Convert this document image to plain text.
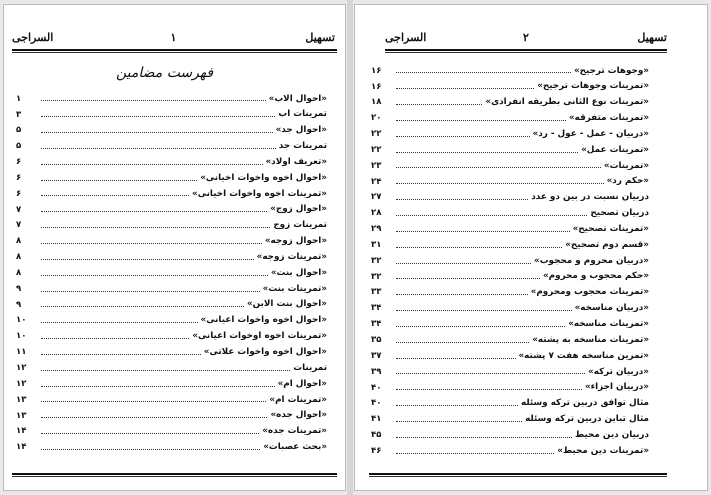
تسهیل
۱
السراجی
فهرست مضامین
۱	«احوال الاب»
۳	تمرینات اب
۵	«احوال جد»
۵	تمرینات جد
۶	«تعریف اولاد»
۶	«احوال اخوه واخوات اخیانی»
۶	«تمرینات اخوه واخوات اخیانی»
۷	«احوال زوج»
۷	تمرینات زوج
۸	«احوال زوجه»
۸	«تمرینات زوجه»
۸	«احوال بنت»
۹	«تمرینات بنت»
۹	«احوال بنت الابن»
۱۰	«احوال اخوه واخوات اعیانی»
۱۰	«تمرینات اخوه اوخوات اعیانی»
۱۱	«احوال اخوه واخوات علاتی»
۱۲	تمرینات
۱۲	«احوال ام»
۱۳	«تمرینات ام»
۱۳	«احوال جده»
۱۴	«تمرینات جده»
۱۴	«بحث عصبات»
تسهیل
۲
السراجی
۱۶	«وجوهات ترجیح»
۱۶	«تمرینات وجوهات ترجیح»
۱۸	«تمرینات نوع الثانی بطریقه انفرادی»
۲۰	«تمرینات متفرقه»
۲۲	«دربیان - عمل - عول - رد»
۲۲	«تمرینات عمل»
۲۳	«تمرینات»
۲۴	«حکم رد»
۲۷	دربیان نسبت در بین دو عدد
۲۸	دربیان تصحیح
۲۹	«تمرینات تصحیح»
۳۱	«قسم دوم تصحیح»
۳۲	«دربیان محروم و محجوب»
۳۲	«حکم محجوب و محروم»
۳۳	«تمرینات محجوب ومحروم»
۳۴	«دربیان مناسخه»
۳۴	«تمرینات مناسخه»
۳۵	«تمرینات مناسخه به پشته»
۳۷	«تمرین مناسخه هفت ۷ پشته»
۳۹	«دربیان ترکه»
۴۰	«دربیان اجزاء»
۴۰	مثال توافق دربین ترکه وسئله
۴۱	مثال تباین دربین ترکه وسئله
۴۵	دربیان دین محیط
۴۶	«تمرینات دین محیط»
